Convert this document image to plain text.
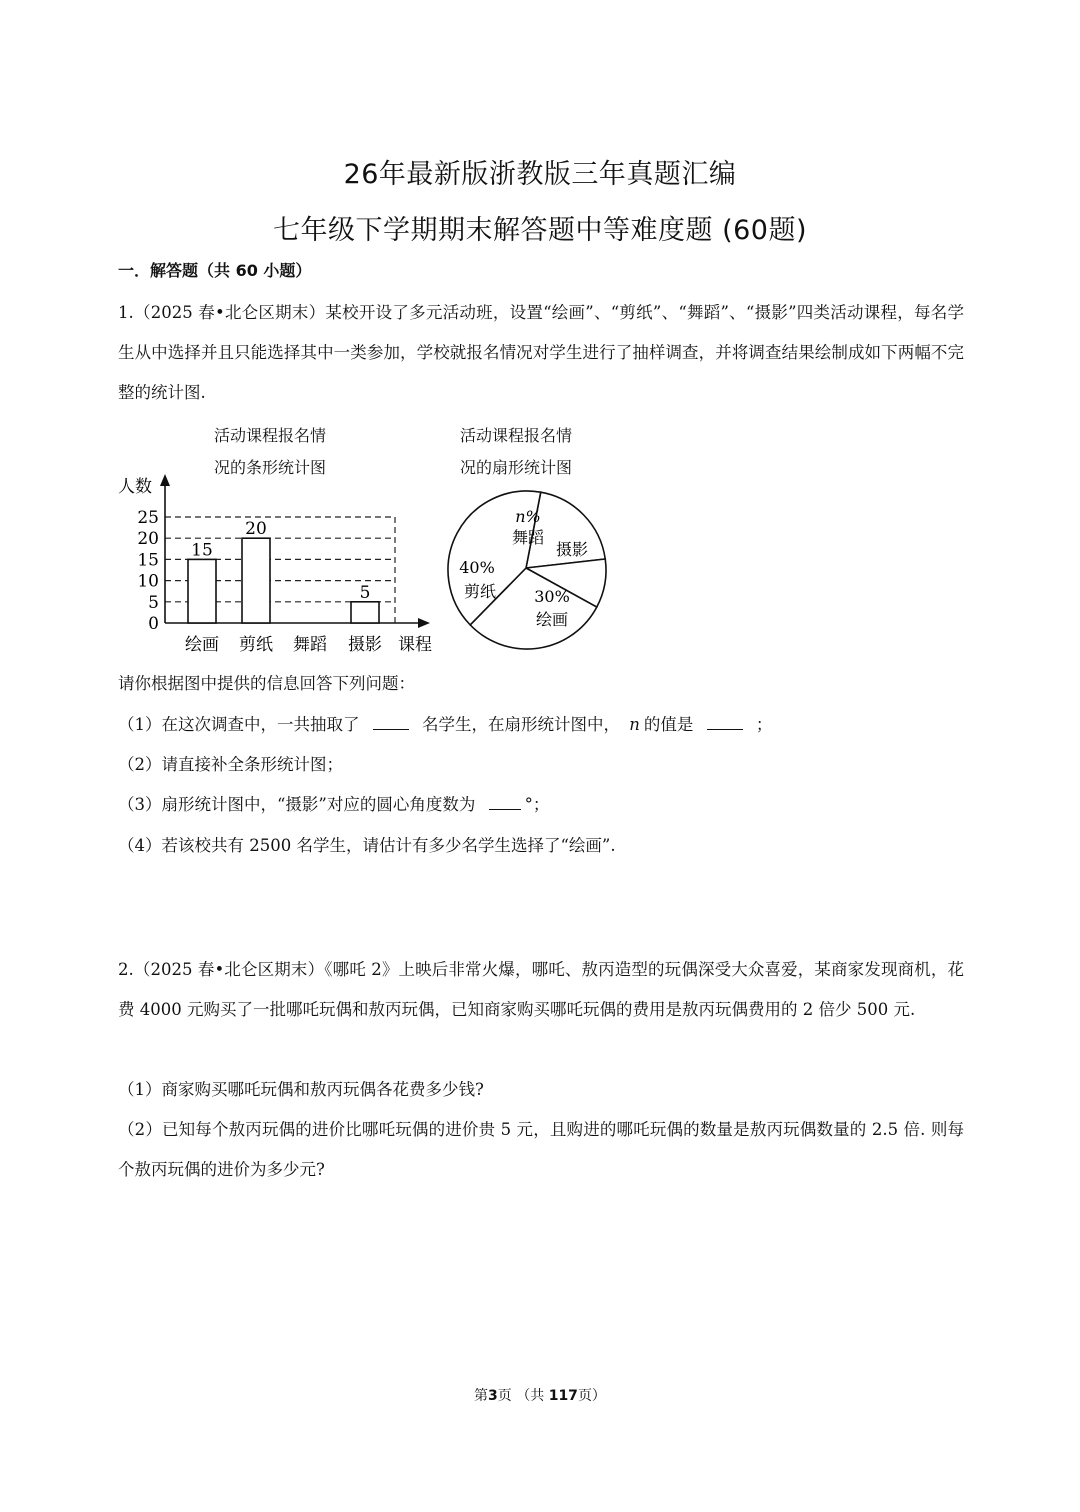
26年最新版浙教版三年真题汇编
七年级下学期期末解答题中等难度题 (60题)
一．解答题（共 60 小题）
1.（2025 春•北仑区期末）某校开设了多元活动班，设置“绘画”、“剪纸”、“舞蹈”、“摄影”四类活动课程，每名学生从中选择并且只能选择其中一类参加，学校就报名情况对学生进行了抽样调查，并将调查结果绘制成如下两幅不完整的统计图.
活动课程报名情
况的条形统计图
活动课程报名情
况的扇形统计图
0
5
10
15
20
25
人数
课程
绘画
15
剪纸
20
舞蹈 摄影
5
n%
舞蹈
摄影
30%
绘画
40%
剪纸
请你根据图中提供的信息回答下列问题：
（1）在这次调查中，一共抽取了	名学生，在扇形统计图中， n 的值是	；
（2）请直接补全条形统计图；
（3）扇形统计图中，“摄影”对应的圆心角度数为	°；
（4）若该校共有 2500 名学生，请估计有多少名学生选择了“绘画”.
2.（2025 春•北仑区期末）《哪吒 2》上映后非常火爆，哪吒、敖丙造型的玩偶深受大众喜爱，某商家发现商机，花费 4000 元购买了一批哪吒玩偶和敖丙玩偶，已知商家购买哪吒玩偶的费用是敖丙玩偶费用的 2 倍少 500 元.
（1）商家购买哪吒玩偶和敖丙玩偶各花费多少钱?
（2）已知每个敖丙玩偶的进价比哪吒玩偶的进价贵 5 元，且购进的哪吒玩偶的数量是敖丙玩偶数量的 2.5 倍. 则每个敖丙玩偶的进价为多少元?
第3页 （共 117页）
